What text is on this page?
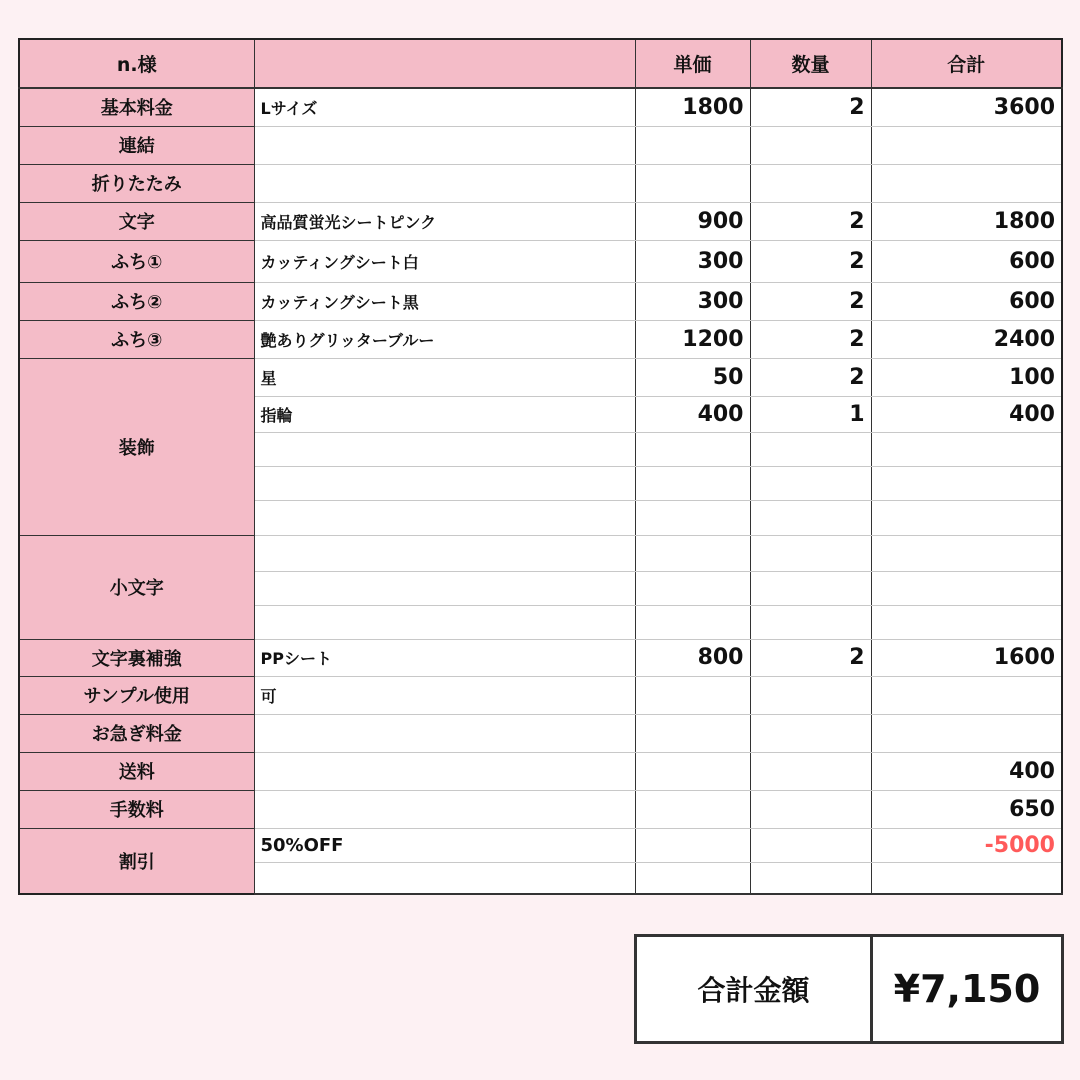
n.様		単価	数量	合計
基本料金	Lサイズ	1800	2	3600
連結				
折りたたみ				
文字	高品質蛍光シートピンク	900	2	1800
ふち①	カッティングシート白	300	2	600
ふち②	カッティングシート黒	300	2	600
ふち③	艶ありグリッターブルー	1200	2	2400
装飾	星	50	2	100
	指輪	400	1	400

小文字				

文字裏補強	PPシート	800	2	1600
サンプル使用	可			
お急ぎ料金				
送料				400
手数料				650
割引	50%OFF			-5000

合計金額	¥7,150
